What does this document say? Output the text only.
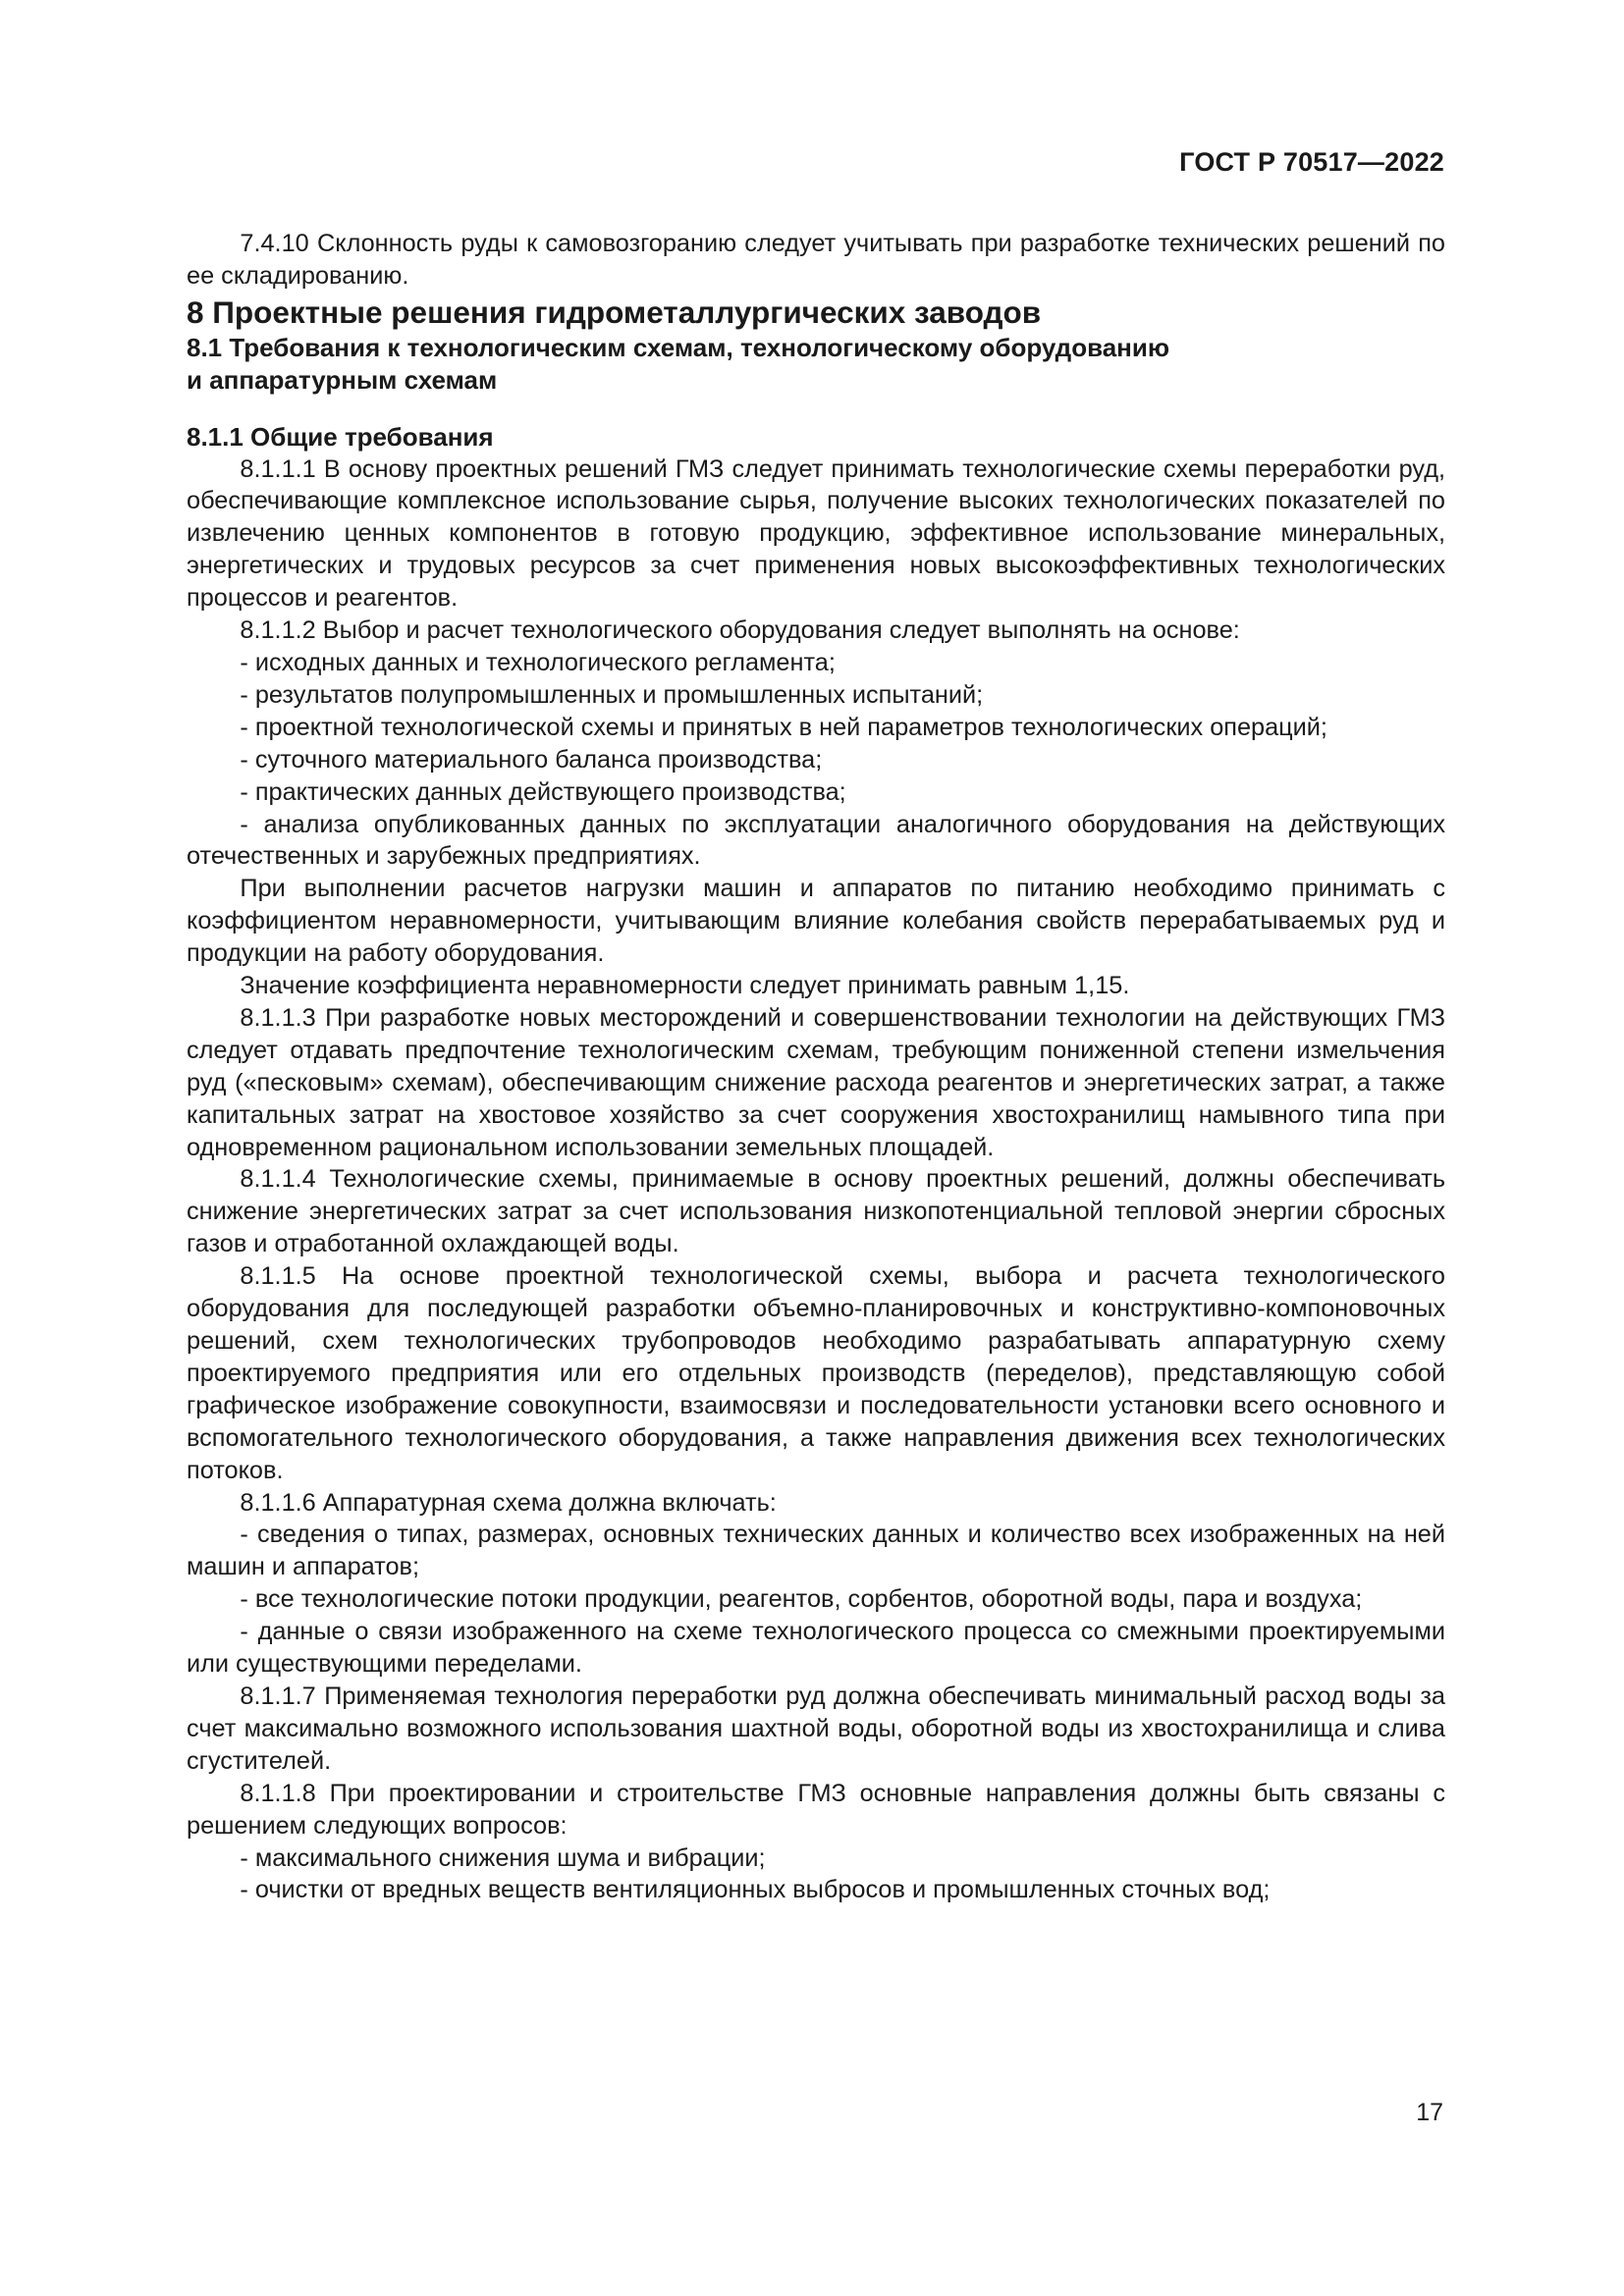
ГОСТ Р 70517—2022

7.4.10 Склонность руды к самовозгоранию следует учитывать при разработке технических решений по ее складированию.

8 Проектные решения гидрометаллургических заводов

8.1 Требования к технологическим схемам, технологическому оборудованию
и аппаратурным схемам

8.1.1 Общие требования

8.1.1.1 В основу проектных решений ГМЗ следует принимать технологические схемы переработки руд, обеспечивающие комплексное использование сырья, получение высоких технологических показателей по извлечению ценных компонентов в готовую продукцию, эффективное использование минеральных, энергетических и трудовых ресурсов за счет применения новых высокоэффективных технологических процессов и реагентов.

8.1.1.2 Выбор и расчет технологического оборудования следует выполнять на основе:

- исходных данных и технологического регламента;

- результатов полупромышленных и промышленных испытаний;

- проектной технологической схемы и принятых в ней параметров технологических операций;

- суточного материального баланса производства;

- практических данных действующего производства;

- анализа опубликованных данных по эксплуатации аналогичного оборудования на действующих отечественных и зарубежных предприятиях.

При выполнении расчетов нагрузки машин и аппаратов по питанию необходимо принимать с коэффициентом неравномерности, учитывающим влияние колебания свойств перерабатываемых руд и продукции на работу оборудования.

Значение коэффициента неравномерности следует принимать равным 1,15.

8.1.1.3 При разработке новых месторождений и совершенствовании технологии на действующих ГМЗ следует отдавать предпочтение технологическим схемам, требующим пониженной степени измельчения руд («песковым» схемам), обеспечивающим снижение расхода реагентов и энергетических затрат, а также капитальных затрат на хвостовое хозяйство за счет сооружения хвостохранилищ намывного типа при одновременном рациональном использовании земельных площадей.

8.1.1.4 Технологические схемы, принимаемые в основу проектных решений, должны обеспечивать снижение энергетических затрат за счет использования низкопотенциальной тепловой энергии сбросных газов и отработанной охлаждающей воды.

8.1.1.5 На основе проектной технологической схемы, выбора и расчета технологического оборудования для последующей разработки объемно-планировочных и конструктивно-компоновочных решений, схем технологических трубопроводов необходимо разрабатывать аппаратурную схему проектируемого предприятия или его отдельных производств (переделов), представляющую собой графическое изображение совокупности, взаимосвязи и последовательности установки всего основного и вспомогательного технологического оборудования, а также направления движения всех технологических потоков.

8.1.1.6 Аппаратурная схема должна включать:

- сведения о типах, размерах, основных технических данных и количество всех изображенных на ней машин и аппаратов;

- все технологические потоки продукции, реагентов, сорбентов, оборотной воды, пара и воздуха;

- данные о связи изображенного на схеме технологического процесса со смежными проектируемыми или существующими переделами.

8.1.1.7 Применяемая технология переработки руд должна обеспечивать минимальный расход воды за счет максимально возможного использования шахтной воды, оборотной воды из хвостохранилища и слива сгустителей.

8.1.1.8 При проектировании и строительстве ГМЗ основные направления должны быть связаны с решением следующих вопросов:

- максимального снижения шума и вибрации;

- очистки от вредных веществ вентиляционных выбросов и промышленных сточных вод;

17
